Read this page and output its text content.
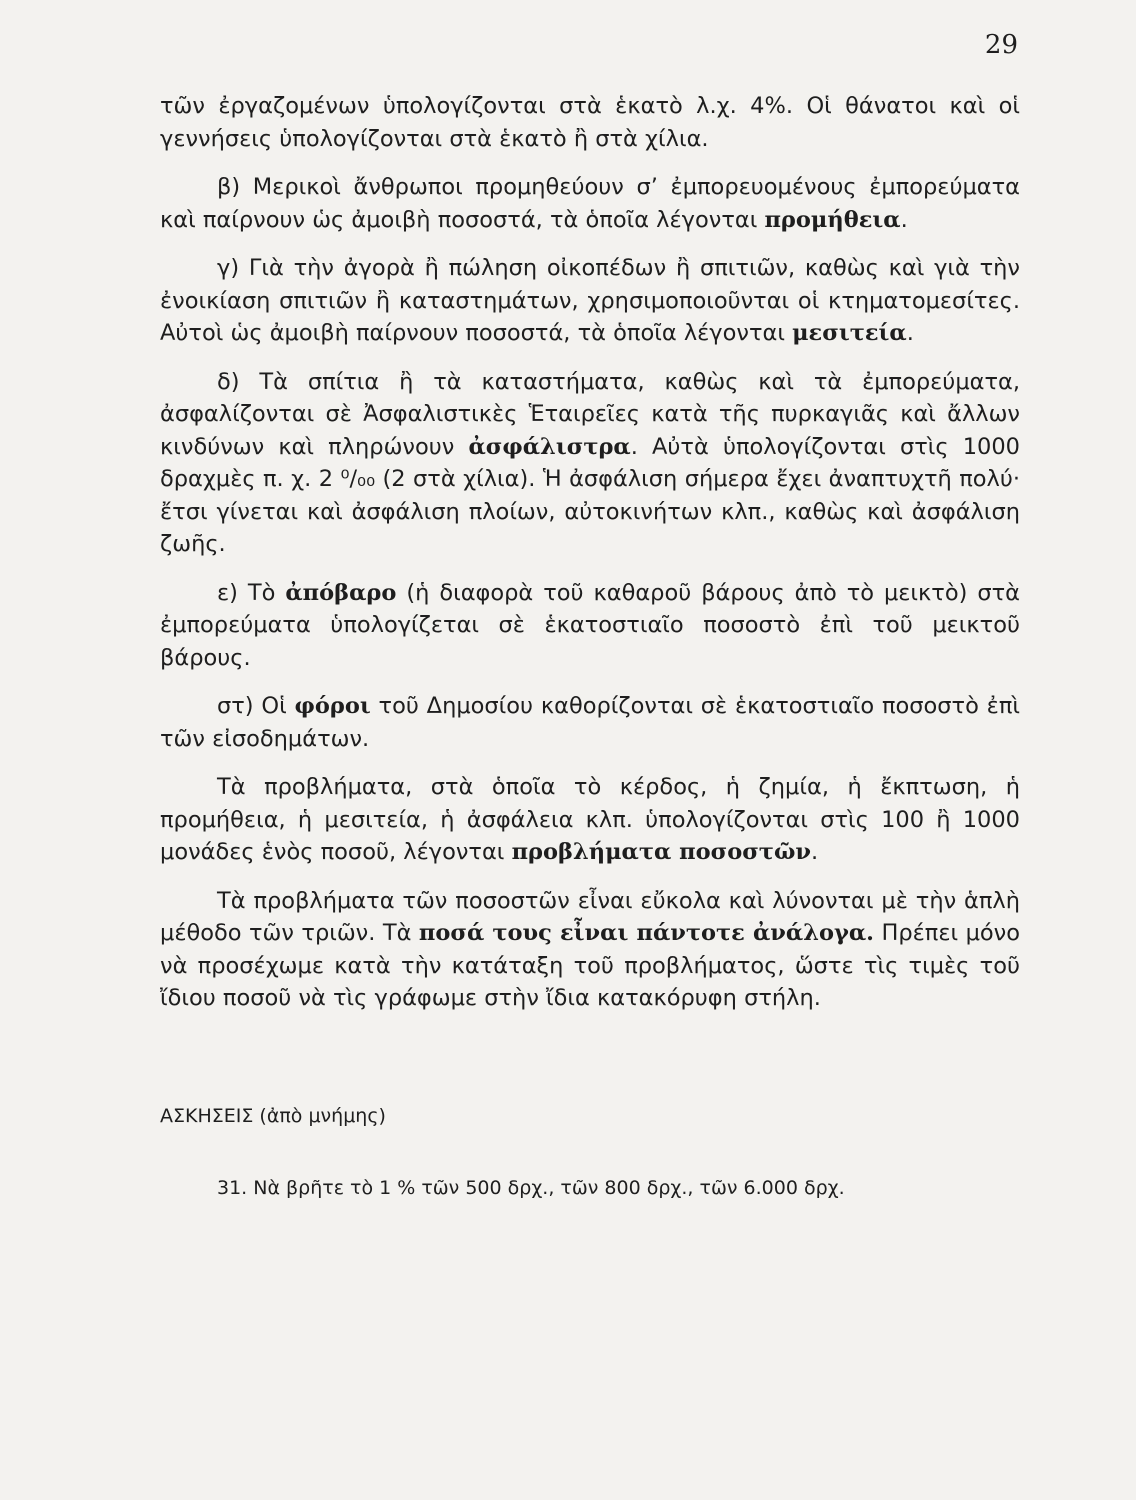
29

τῶν ἐργαζομένων ὑπολογίζονται στὰ ἑκατὸ λ.χ. 4%. Οἱ θάνατοι καὶ οἱ γεννήσεις ὑπολογίζονται στὰ ἑκατὸ ἢ στὰ χίλια.

β) Μερικοὶ ἄνθρωποι προμηθεύουν σ’ ἐμπορευομένους ἐμπορεύματα καὶ παίρνουν ὡς ἀμοιβὴ ποσοστά, τὰ ὁποῖα λέγονται προμήθεια.

γ) Γιὰ τὴν ἀγορὰ ἢ πώληση οἰκοπέδων ἢ σπιτιῶν, καθὼς καὶ γιὰ τὴν ἐνοικίαση σπιτιῶν ἢ καταστημάτων, χρησιμοποιοῦνται οἱ κτηματομεσίτες. Αὐτοὶ ὡς ἀμοιβὴ παίρνουν ποσοστά, τὰ ὁποῖα λέγονται μεσιτεία.

δ) Τὰ σπίτια ἢ τὰ καταστήματα, καθὼς καὶ τὰ ἐμπορεύματα, ἀσφαλίζονται σὲ Ἀσφαλιστικὲς Ἑταιρεῖες κατὰ τῆς πυρκαγιᾶς καὶ ἄλλων κινδύνων καὶ πληρώνουν ἀσφάλιστρα. Αὐτὰ ὑπολογίζονται στὶς 1000 δραχμὲς π. χ. 2 ⁰/₀₀ (2 στὰ χίλια). Ἡ ἀσφάλιση σήμερα ἔχει ἀναπτυχτῆ πολύ· ἔτσι γίνεται καὶ ἀσφάλιση πλοίων, αὐτοκινήτων κλπ., καθὼς καὶ ἀσφάλιση ζωῆς.

ε) Τὸ ἀπόβαρο (ἡ διαφορὰ τοῦ καθαροῦ βάρους ἀπὸ τὸ μεικτὸ) στὰ ἐμπορεύματα ὑπολογίζεται σὲ ἑκατοστιαῖο ποσοστὸ ἐπὶ τοῦ μεικτοῦ βάρους.

στ) Οἱ φόροι τοῦ Δημοσίου καθορίζονται σὲ ἑκατοστιαῖο ποσοστὸ ἐπὶ τῶν εἰσοδημάτων.

Τὰ προβλήματα, στὰ ὁποῖα τὸ κέρδος, ἡ ζημία, ἡ ἔκπτωση, ἡ προμήθεια, ἡ μεσιτεία, ἡ ἀσφάλεια κλπ. ὑπολογίζονται στὶς 100 ἢ 1000 μονάδες ἑνὸς ποσοῦ, λέγονται προβλήματα ποσοστῶν.

Τὰ προβλήματα τῶν ποσοστῶν εἶναι εὔκολα καὶ λύνονται μὲ τὴν ἁπλὴ μέθοδο τῶν τριῶν. Τὰ ποσά τους εἶναι πάντοτε ἀνάλογα. Πρέπει μόνο νὰ προσέχωμε κατὰ τὴν κατάταξη τοῦ προβλήματος, ὥστε τὶς τιμὲς τοῦ ἴδιου ποσοῦ νὰ τὶς γράφωμε στὴν ἴδια κατακόρυφη στήλη.

ΑΣΚΗΣΕΙΣ (ἀπὸ μνήμης)
31. Νὰ βρῆτε τὸ 1 % τῶν 500 δρχ., τῶν 800 δρχ., τῶν 6.000 δρχ.
